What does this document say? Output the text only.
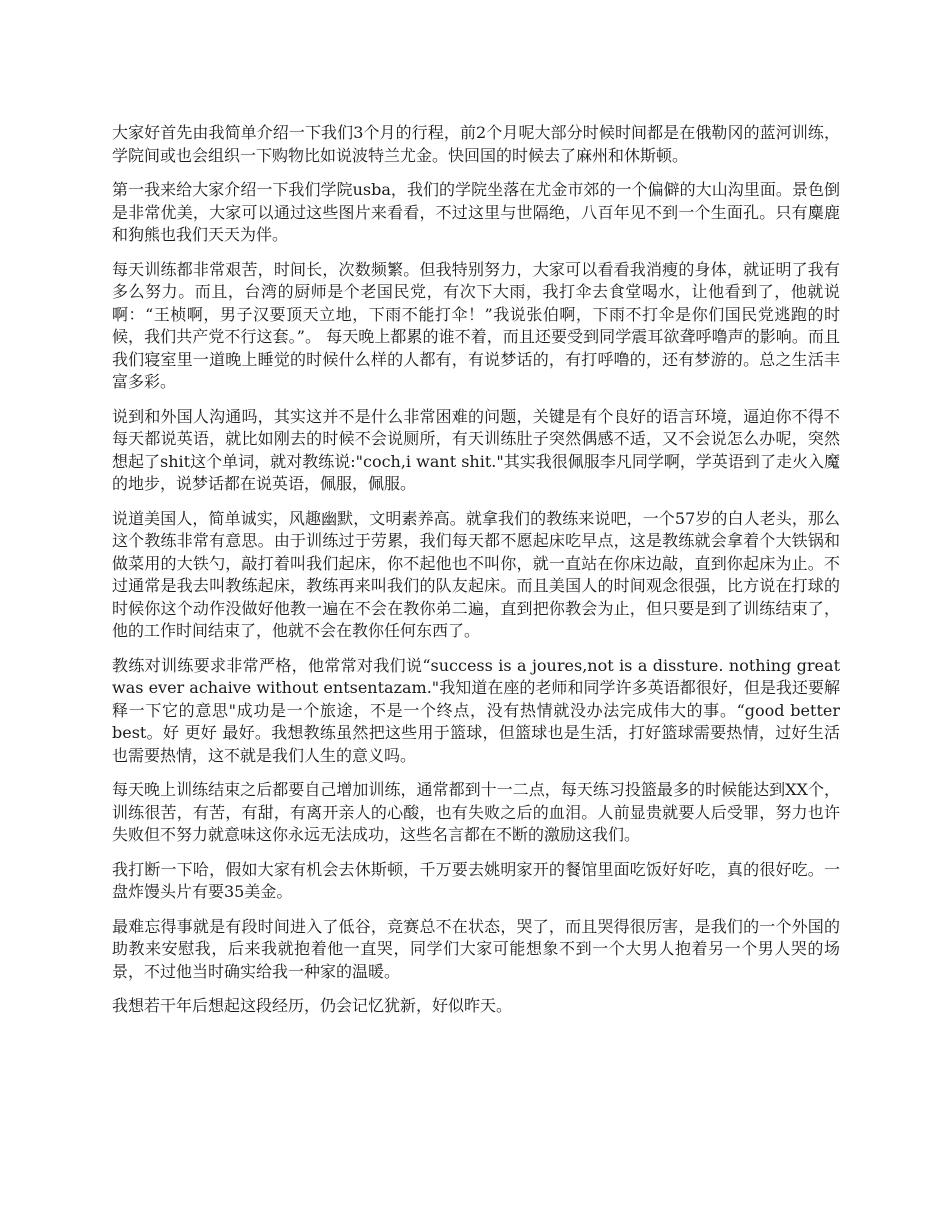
大家好首先由我简单介绍一下我们3个月的行程，前2个月呢大部分时候时间都是在俄勒冈的蓝河训练，学院间或也会组织一下购物比如说波特兰尤金。快回国的时候去了麻州和休斯顿。

第一我来给大家介绍一下我们学院usba，我们的学院坐落在尤金市郊的一个偏僻的大山沟里面。景色倒是非常优美，大家可以通过这些图片来看看，不过这里与世隔绝，八百年见不到一个生面孔。只有麋鹿和狗熊也我们天天为伴。

每天训练都非常艰苦，时间长，次数频繁。但我特别努力，大家可以看看我消瘦的身体，就证明了我有多么努力。而且，台湾的厨师是个老国民党，有次下大雨，我打伞去食堂喝水，让他看到了，他就说啊：“王桢啊，男子汉要顶天立地，下雨不能打伞！”我说张伯啊，下雨不打伞是你们国民党逃跑的时候，我们共产党不行这套。”。 每天晚上都累的谁不着，而且还要受到同学震耳欲聋呼噜声的影响。而且我们寝室里一道晚上睡觉的时候什么样的人都有，有说梦话的，有打呼噜的，还有梦游的。总之生活丰富多彩。

说到和外国人沟通吗，其实这并不是什么非常困难的问题，关键是有个良好的语言环境，逼迫你不得不每天都说英语，就比如刚去的时候不会说厕所，有天训练肚子突然偶感不适，又不会说怎么办呢，突然想起了shit这个单词，就对教练说:"coch,i want shit."其实我很佩服李凡同学啊，学英语到了走火入魔的地步，说梦话都在说英语，佩服，佩服。

说道美国人，简单诚实，风趣幽默，文明素养高。就拿我们的教练来说吧，一个57岁的白人老头，那么这个教练非常有意思。由于训练过于劳累，我们每天都不愿起床吃早点，这是教练就会拿着个大铁锅和做菜用的大铁勺，敲打着叫我们起床，你不起他也不叫你，就一直站在你床边敲，直到你起床为止。不过通常是我去叫教练起床，教练再来叫我们的队友起床。而且美国人的时间观念很强，比方说在打球的时候你这个动作没做好他教一遍在不会在教你弟二遍，直到把你教会为止，但只要是到了训练结束了，他的工作时间结束了，他就不会在教你任何东西了。

教练对训练要求非常严格，他常常对我们说“success is a joures,not is a dissture. nothing great was ever achaive without entsentazam."我知道在座的老师和同学许多英语都很好，但是我还要解释一下它的意思"成功是一个旅途，不是一个终点，没有热情就没办法完成伟大的事。“good better best。好 更好 最好。我想教练虽然把这些用于篮球，但篮球也是生活，打好篮球需要热情，过好生活也需要热情，这不就是我们人生的意义吗。

每天晚上训练结束之后都要自己增加训练，通常都到十一二点，每天练习投篮最多的时候能达到XX个，训练很苦，有苦，有甜，有离开亲人的心酸，也有失败之后的血泪。人前显贵就要人后受罪，努力也许失败但不努力就意味这你永远无法成功，这些名言都在不断的激励这我们。

我打断一下哈，假如大家有机会去休斯顿，千万要去姚明家开的餐馆里面吃饭好好吃，真的很好吃。一盘炸馒头片有要35美金。

最难忘得事就是有段时间进入了低谷，竞赛总不在状态，哭了，而且哭得很厉害，是我们的一个外国的助教来安慰我，后来我就抱着他一直哭，同学们大家可能想象不到一个大男人抱着另一个男人哭的场景，不过他当时确实给我一种家的温暖。

我想若干年后想起这段经历，仍会记忆犹新，好似昨天。
